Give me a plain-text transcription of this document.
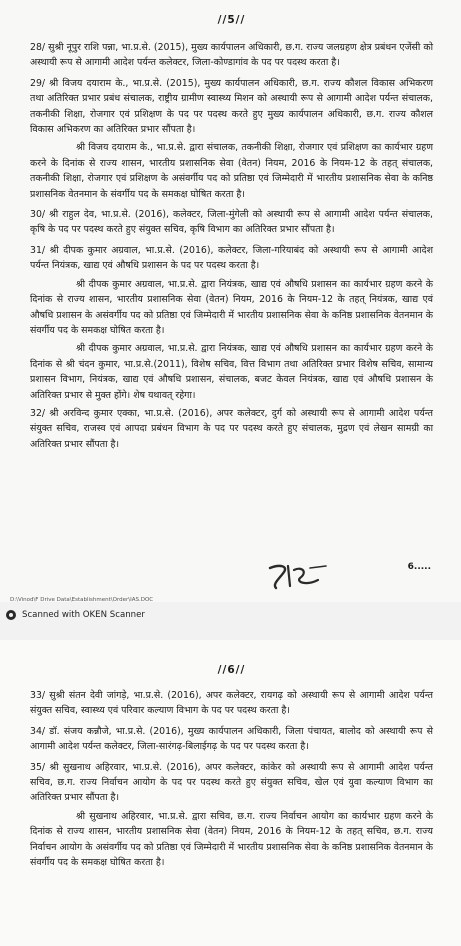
//5//

28/ सुश्री नूपुर राशि पन्ना, भा.प्र.से. (2015), मुख्य कार्यपालन अधिकारी, छ.ग. राज्य जलग्रहण क्षेत्र प्रबंधन एजेंसी को अस्थायी रूप से आगामी आदेश पर्यन्त कलेक्टर, जिला-कोण्डागांव के पद पर पदस्थ करता है।

29/ श्री विजय दयाराम के., भा.प्र.से. (2015), मुख्य कार्यपालन अधिकारी, छ.ग. राज्य कौशल विकास अभिकरण तथा अतिरिक्त प्रभार प्रबंध संचालक, राष्ट्रीय ग्रामीण स्वास्थ्य मिशन को अस्थायी रूप से आगामी आदेश पर्यन्त संचालक, तकनीकी शिक्षा, रोजगार एवं प्रशिक्षण के पद पर पदस्थ करते हुए मुख्य कार्यपालन अधिकारी, छ.ग. राज्य कौशल विकास अभिकरण का अतिरिक्त प्रभार सौंपता है।

श्री विजय दयाराम के., भा.प्र.से. द्वारा संचालक, तकनीकी शिक्षा, रोजगार एवं प्रशिक्षण का कार्यभार ग्रहण करने के दिनांक से राज्य शासन, भारतीय प्रशासनिक सेवा (वेतन) नियम, 2016 के नियम-12 के तहत् संचालक, तकनीकी शिक्षा, रोजगार एवं प्रशिक्षण के असंवर्गीय पद को प्रतिष्ठा एवं जिम्मेदारी में भारतीय प्रशासनिक सेवा के कनिष्ठ प्रशासनिक वेतनमान के संवर्गीय पद के समकक्ष घोषित करता है।

30/ श्री राहुल देव, भा.प्र.से. (2016), कलेक्टर, जिला-मुंगेली को अस्थायी रूप से आगामी आदेश पर्यन्त संचालक, कृषि के पद पर पदस्थ करते हुए संयुक्त सचिव, कृषि विभाग का अतिरिक्त प्रभार सौंपता है।

31/ श्री दीपक कुमार अग्रवाल, भा.प्र.से. (2016), कलेक्टर, जिला-गरियाबंद को अस्थायी रूप से आगामी आदेश पर्यन्त नियंत्रक, खाद्य एवं औषधि प्रशासन के पद पर पदस्थ करता है।

श्री दीपक कुमार अग्रवाल, भा.प्र.से. द्वारा नियंत्रक, खाद्य एवं औषधि प्रशासन का कार्यभार ग्रहण करने के दिनांक से राज्य शासन, भारतीय प्रशासनिक सेवा (वेतन) नियम, 2016 के नियम-12 के तहत् नियंत्रक, खाद्य एवं औषधि प्रशासन के असंवर्गीय पद को प्रतिष्ठा एवं जिम्मेदारी में भारतीय प्रशासनिक सेवा के कनिष्ठ प्रशासनिक वेतनमान के संवर्गीय पद के समकक्ष घोषित करता है।

श्री दीपक कुमार अग्रवाल, भा.प्र.से. द्वारा नियंत्रक, खाद्य एवं औषधि प्रशासन का कार्यभार ग्रहण करने के दिनांक से श्री चंदन कुमार, भा.प्र.से.(2011), विशेष सचिव, वित्त विभाग तथा अतिरिक्त प्रभार विशेष सचिव, सामान्य प्रशासन विभाग, नियंत्रक, खाद्य एवं औषधि प्रशासन, संचालक, बजट केवल नियंत्रक, खाद्य एवं औषधि प्रशासन के अतिरिक्त प्रभार से मुक्त होंगे। शेष यथावत् रहेगा।

32/ श्री अरविन्द कुमार एक्का, भा.प्र.से. (2016), अपर कलेक्टर, दुर्ग को अस्थायी रूप से आगामी आदेश पर्यन्त संयुक्त सचिव, राजस्व एवं आपदा प्रबंधन विभाग के पद पर पदस्थ करते हुए संचालक, मुद्रण एवं लेखन सामग्री का अतिरिक्त प्रभार सौंपता है।

6.....
Scanned with OKEN Scanner
D:\Vinod\F Drive Data\Establishment\Order\IAS.DOC
//6//

33/ सुश्री संतन देवी जांगड़े, भा.प्र.से. (2016), अपर कलेक्टर, रायगढ़ को अस्थायी रूप से आगामी आदेश पर्यन्त संयुक्त सचिव, स्वास्थ्य एवं परिवार कल्याण विभाग के पद पर पदस्थ करता है।

34/ डॉ. संजय कन्नौजे, भा.प्र.से. (2016), मुख्य कार्यपालन अधिकारी, जिला पंचायत, बालोद को अस्थायी रूप से आगामी आदेश पर्यन्त कलेक्टर, जिला-सारंगढ़-बिलाईगढ़ के पद पर पदस्थ करता है।

35/ श्री सुखनाथ अहिरवार, भा.प्र.से. (2016), अपर कलेक्टर, कांकेर को अस्थायी रूप से आगामी आदेश पर्यन्त सचिव, छ.ग. राज्य निर्वाचन आयोग के पद पर पदस्थ करते हुए संयुक्त सचिव, खेल एवं युवा कल्याण विभाग का अतिरिक्त प्रभार सौंपता है।

श्री सुखनाथ अहिरवार, भा.प्र.से. द्वारा सचिव, छ.ग. राज्य निर्वाचन आयोग का कार्यभार ग्रहण करने के दिनांक से राज्य शासन, भारतीय प्रशासनिक सेवा (वेतन) नियम, 2016 के नियम-12 के तहत् सचिव, छ.ग. राज्य निर्वाचन आयोग के असंवर्गीय पद को प्रतिष्ठा एवं जिम्मेदारी में भारतीय प्रशासनिक सेवा के कनिष्ठ प्रशासनिक वेतनमान के संवर्गीय पद के समकक्ष घोषित करता है।
